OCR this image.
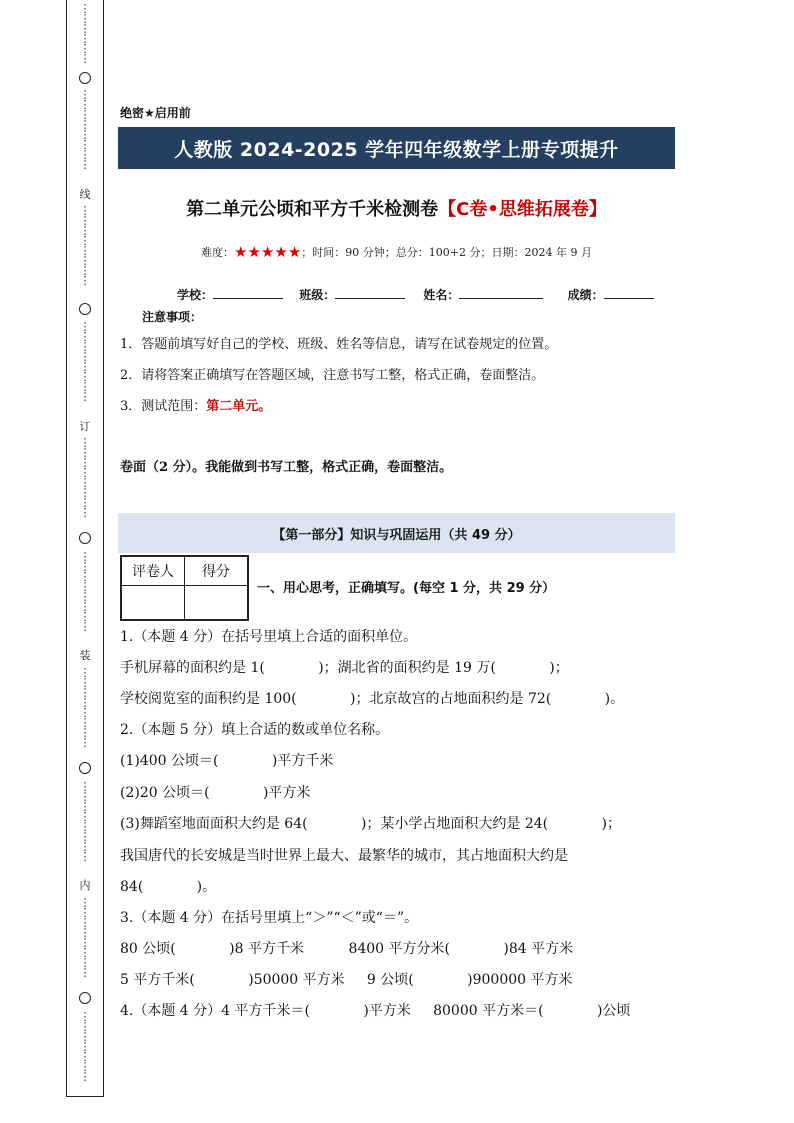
⋮
⋮
⋮
⋮
⋮
⋮
⋮
⋮
⋮
⋮
⋮
⋮
⋮
⋮
线
⋮
⋮
⋮
⋮
⋮
⋮
⋮
⋮
⋮
⋮
⋮
⋮
⋮
⋮
⋮
⋮
订
⋮
⋮
⋮
⋮
⋮
⋮
⋮
⋮
⋮
⋮
⋮
⋮
⋮
⋮
⋮
⋮
装
⋮
⋮
⋮
⋮
⋮
⋮
⋮
⋮
⋮
⋮
⋮
⋮
⋮
⋮
⋮
⋮
内
⋮
⋮
⋮
⋮
⋮
⋮
⋮
⋮
⋮
⋮
⋮
⋮
⋮
⋮
⋮
绝密★启用前
人教版 2024-2025 学年四年级数学上册专项提升
第二单元公顷和平方千米检测卷【C卷•思维拓展卷】
难度：★★★★★；时间：90 分钟；总分：100+2 分；日期：2024 年 9 月
学校：	班级：	姓名：	成绩：
注意事项：
1．答题前填写好自己的学校、班级、姓名等信息，请写在试卷规定的位置。
2．请将答案正确填写在答题区域，注意书写工整，格式正确，卷面整洁。
3．测试范围：第二单元。
卷面（2 分）。我能做到书写工整，格式正确，卷面整洁。
【第一部分】知识与巩固运用（共 49 分）
评卷人	得分

一、用心思考，正确填写。(每空 1 分，共 29 分）
1.（本题 4 分）在括号里填上合适的面积单位。
手机屏幕的面积约是 1(            )；湖北省的面积约是 19 万(            )；
学校阅览室的面积约是 100(            )；北京故宫的占地面积约是 72(            )。
2.（本题 5 分）填上合适的数或单位名称。
(1)400 公顷＝(            )平方千米
(2)20 公顷＝(            )平方米
(3)舞蹈室地面面积大约是 64(            )；某小学占地面积大约是 24(            )；
我国唐代的长安城是当时世界上最大、最繁华的城市，其占地面积大约是
84(            )。
3.（本题 4 分）在括号里填上“＞”“＜”或“＝”。
80 公顷(            )8 平方千米          8400 平方分米(            )84 平方米
5 平方千米(            )50000 平方米     9 公顷(            )900000 平方米
4.（本题 4 分）4 平方千米＝(            )平方米     80000 平方米＝(            )公顷
